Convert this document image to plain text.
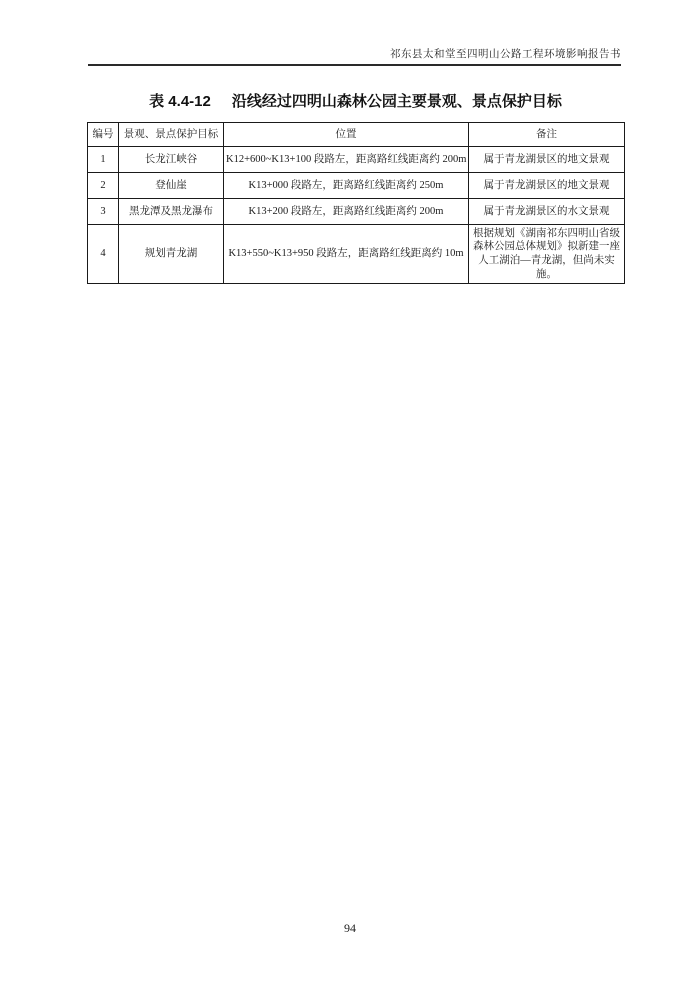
祁东县太和堂至四明山公路工程环境影响报告书
表 4.4-12 沿线经过四明山森林公园主要景观、景点保护目标
编号	景观、景点保护目标	位置	备注
1	长龙江峡谷	K12+600~K13+100 段路左，距离路红线距离约 200m	属于青龙湖景区的地文景观
2	登仙崖	K13+000 段路左，距离路红线距离约 250m	属于青龙湖景区的地文景观
3	黑龙潭及黑龙瀑布	K13+200 段路左，距离路红线距离约 200m	属于青龙湖景区的水文景观
4	规划青龙湖	K13+550~K13+950 段路左，距离路红线距离约 10m	根据规划《湖南祁东四明山省级森林公园总体规划》拟新建一座人工湖泊—青龙湖，但尚未实施。
94
